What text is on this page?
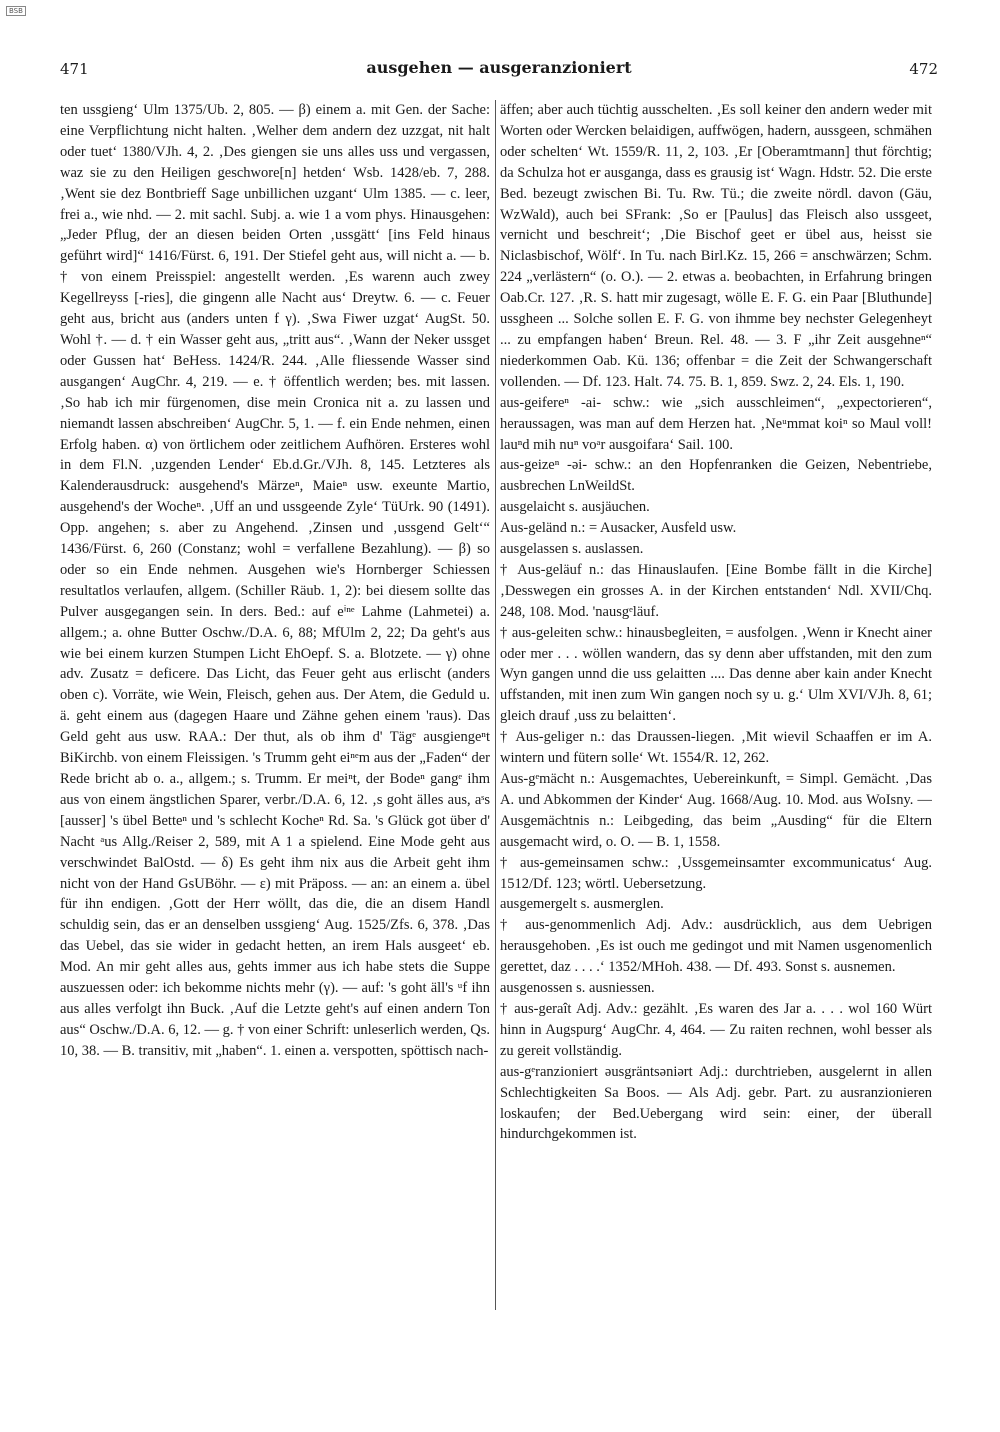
BSB
471	ausgehen — ausgeranzioniert	472

ten ussgieng‘ Ulm 1375/Ub. 2, 805. — β) einem a. mit Gen. der Sache: eine Verpflichtung nicht halten. ‚Welher dem andern dez uzzgat, nit halt oder tuet‘ 1380/VJh. 4, 2. ‚Des giengen sie uns alles uss und vergassen, waz sie zu den Heiligen geschwore[n] hetden‘ Wsb. 1428/eb. 7, 288. ‚Went sie dez Bontbrieff Sage unbillichen uzgant‘ Ulm 1385. — c. leer, frei a., wie nhd. — 2. mit sachl. Subj. a. wie 1 a vom phys. Hinausgehen: „Jeder Pflug, der an diesen beiden Orten ‚ussgätt‘ [ins Feld hinaus geführt wird]“ 1416/Fürst. 6, 191. Der Stiefel geht aus, will nicht a. — b. † von einem Preisspiel: angestellt werden. ‚Es warenn auch zwey Kegellreyss [-ries], die gingenn alle Nacht aus‘ Dreytw. 6. — c. Feuer geht aus, bricht aus (anders unten f γ). ‚Swa Fiwer uzgat‘ AugSt. 50. Wohl †. — d. † ein Wasser geht aus, „tritt aus“. ‚Wann der Neker ussget oder Gussen hat‘ BeHess. 1424/R. 244. ‚Alle fliessende Wasser sind ausgangen‘ AugChr. 4, 219. — e. † öffentlich werden; bes. mit lassen. ‚So hab ich mir fürgenomen, dise mein Cronica nit a. zu lassen und niemandt lassen abschreiben‘ AugChr. 5, 1. — f. ein Ende nehmen, einen Erfolg haben. α) von örtlichem oder zeitlichem Aufhören. Ersteres wohl in dem Fl.N. ‚uzgenden Lender‘ Eb.d.Gr./VJh. 8, 145. Letzteres als Kalenderausdruck: ausgehend's Märzeⁿ, Maieⁿ usw. exeunte Martio, ausgehend's der Wocheⁿ. ‚Uff an und ussgeende Zyle‘ TüUrk. 90 (1491). Opp. angehen; s. aber zu Angehend. ‚Zinsen und ‚ussgend Gelt‘“ 1436/Fürst. 6, 260 (Constanz; wohl = verfallene Bezahlung). — β) so oder so ein Ende nehmen. Ausgehen wie's Hornberger Schiessen resultatlos verlaufen, allgem. (Schiller Räub. 1, 2): bei diesem sollte das Pulver ausgegangen sein. In ders. Bed.: auf eⁱⁿᵉ Lahme (Lahmetei) a. allgem.; a. ohne Butter Oschw./D.A. 6, 88; MfUlm 2, 22; Da geht's aus wie bei einem kurzen Stumpen Licht EhOepf. S. a. Blotzete. — γ) ohne adv. Zusatz = deficere. Das Licht, das Feuer geht aus erlischt (anders oben c). Vorräte, wie Wein, Fleisch, gehen aus. Der Atem, die Geduld u. ä. geht einem aus (dagegen Haare und Zähne gehen einem 'raus). Das Geld geht aus usw. RAA.: Der thut, als ob ihm d' Tägᵉ ausgiengeⁿt BiKirchb. von einem Fleissigen. 's Trumm geht eiⁿᵉm aus der „Faden“ der Rede bricht ab o. a., allgem.; s. Trumm. Er meiⁿt, der Bodeⁿ gangᵉ ihm aus von einem ängstlichen Sparer, verbr./D.A. 6, 12. ‚s goht älles aus, aˢs [ausser] 's übel Betteⁿ und 's schlecht Kocheⁿ Rd. Sa. 's Glück got über d' Nacht ᵃus Allg./Reiser 2, 589, mit A 1 a spielend. Eine Mode geht aus verschwindet BalOstd. — δ) Es geht ihm nix aus die Arbeit geht ihm nicht von der Hand GsUBöhr. — ε) mit Präposs. — an: an einem a. übel für ihn endigen. ‚Gott der Herr wöllt, das die, die an disem Handl schuldig sein, das er an denselben ussgieng‘ Aug. 1525/Zfs. 6, 378. ‚Das das Uebel, das sie wider in gedacht hetten, an irem Hals ausgeet‘ eb. Mod. An mir geht alles aus, gehts immer aus ich habe stets die Suppe auszuessen oder: ich bekomme nichts mehr (γ). — auf: 's goht äll's ᵘf ihn aus alles verfolgt ihn Buck. ‚Auf die Letzte geht's auf einen andern Ton aus“ Oschw./D.A. 6, 12. — g. † von einer Schrift: unleserlich werden, Qs. 10, 38. — B. transitiv, mit „haben“. 1. einen a. verspotten, spöttisch nach-

äffen; aber auch tüchtig ausschelten. ‚Es soll keiner den andern weder mit Worten oder Wercken belaidigen, auffwögen, hadern, aussgeen, schmähen oder schelten‘ Wt. 1559/R. 11, 2, 103. ‚Er [Oberamtmann] thut förchtig; da Schulza hot er ausganga, dass es grausig ist‘ Wagn. Hdstr. 52. Die erste Bed. bezeugt zwischen Bi. Tu. Rw. Tü.; die zweite nördl. davon (Gäu, WzWald), auch bei SFrank: ‚So er [Paulus] das Fleisch also ussgeet, vernicht und beschreit‘; ‚Die Bischof geet er übel aus, heisst sie Niclasbischof, Wölf‘. In Tu. nach Birl.Kz. 15, 266 = anschwärzen; Schm. 224 „verlästern“ (o. O.). — 2. etwas a. beobachten, in Erfahrung bringen Oab.Cr. 127. ‚R. S. hatt mir zugesagt, wölle E. F. G. ein Paar [Bluthunde] ussgheen ... Solche sollen E. F. G. von ihmme bey nechster Gelegenheyt ... zu empfangen haben‘ Breun. Rel. 48. — 3. F „ihr Zeit ausgehneⁿ“ niederkommen Oab. Kü. 136; offenbar = die Zeit der Schwangerschaft vollenden. — Df. 123. Halt. 74. 75. B. 1, 859. Swz. 2, 24. Els. 1, 190.

aus-geifereⁿ -ai- schw.: wie „sich ausschleimen“, „expectorieren“, heraussagen, was man auf dem Herzen hat. ‚Neᵘmmat koiⁿ so Maul voll! lauⁿd mih nuⁿ voᵃr ausgoifara‘ Sail. 100.

aus-geizeⁿ -əi- schw.: an den Hopfenranken die Geizen, Nebentriebe, ausbrechen LnWeildSt.

ausgelaicht s. ausjäuchen.

Aus-geländ n.: = Ausacker, Ausfeld usw.

ausgelassen s. auslassen.

† Aus-geläuf n.: das Hinauslaufen. [Eine Bombe fällt in die Kirche] ‚Desswegen ein grosses A. in der Kirchen entstanden‘ Ndl. XVII/Chq. 248, 108. Mod. 'nausgᵉläuf.

† aus-geleiten schw.: hinausbegleiten, = ausfolgen. ‚Wenn ir Knecht ainer oder mer . . . wöllen wandern, das sy denn aber uffstanden, mit den zum Wyn gangen unnd die uss gelaitten .... Das denne aber kain ander Knecht uffstanden, mit inen zum Win gangen noch sy u. g.‘ Ulm XVI/VJh. 8, 61; gleich drauf ‚uss zu belaitten‘.

† Aus-geliger n.: das Draussen-liegen. ‚Mit wievil Schaaffen er im A. wintern und fütern solle‘ Wt. 1554/R. 12, 262.

Aus-gᵉmächt n.: Ausgemachtes, Uebereinkunft, = Simpl. Gemächt. ‚Das A. und Abkommen der Kinder‘ Aug. 1668/Aug. 10. Mod. aus WoIsny. — Ausgemächtnis n.: Leibgeding, das beim „Ausding“ für die Eltern ausgemacht wird, o. O. — B. 1, 1558.

† aus-gemeinsamen schw.: ‚Ussgemeinsamter excommunicatus‘ Aug. 1512/Df. 123; wörtl. Uebersetzung.

ausgemergelt s. ausmerglen.

† aus-genommenlich Adj. Adv.: ausdrücklich, aus dem Uebrigen herausgehoben. ‚Es ist ouch me gedingot und mit Namen usgenomenlich gerettet, daz . . . .‘ 1352/MHoh. 438. — Df. 493. Sonst s. ausnemen.

ausgenossen s. ausniessen.

† aus-geraît Adj. Adv.: gezählt. ‚Es waren des Jar a. . . . wol 160 Würt hinn in Augspurg‘ AugChr. 4, 464. — Zu raiten rechnen, wohl besser als zu gereit vollständig.

aus-gᵉranzioniert əusgräntsəniərt Adj.: durchtrieben, ausgelernt in allen Schlechtigkeiten Sa Boos. — Als Adj. gebr. Part. zu ausranzionieren loskaufen; der Bed.Uebergang wird sein: einer, der überall hindurchgekommen ist.
